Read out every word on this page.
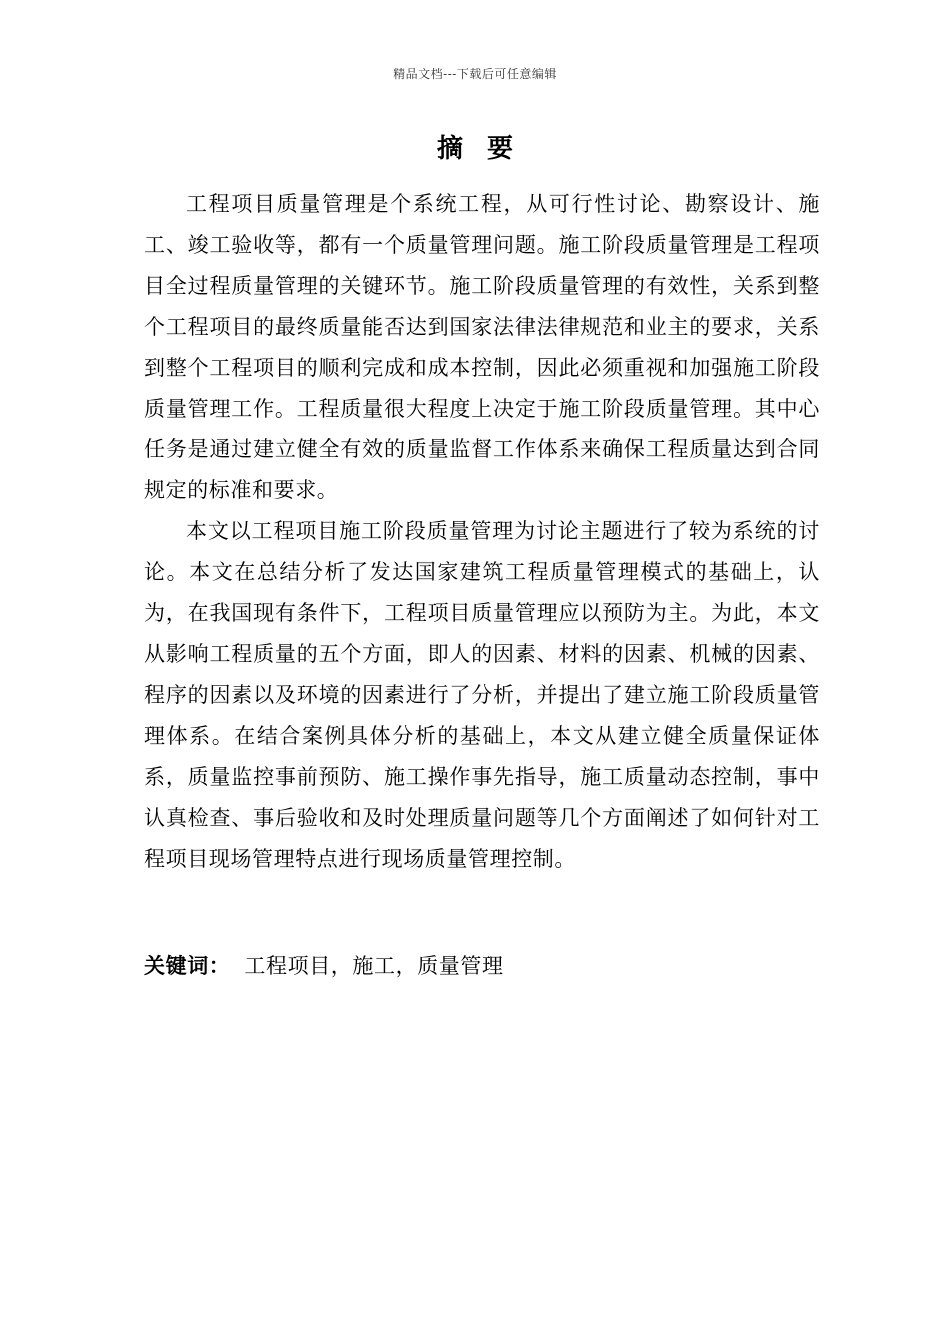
精品文档---下载后可任意编辑
摘要

工程项目质量管理是个系统工程，从可行性讨论、勘察设计、施工、竣工验收等，都有一个质量管理问题。施工阶段质量管理是工程项目全过程质量管理的关键环节。施工阶段质量管理的有效性，关系到整个工程项目的最终质量能否达到国家法律法律规范和业主的要求，关系到整个工程项目的顺利完成和成本控制，因此必须重视和加强施工阶段质量管理工作。工程质量很大程度上决定于施工阶段质量管理。其中心任务是通过建立健全有效的质量监督工作体系来确保工程质量达到合同规定的标准和要求。

本文以工程项目施工阶段质量管理为讨论主题进行了较为系统的讨论。本文在总结分析了发达国家建筑工程质量管理模式的基础上，认为，在我国现有条件下，工程项目质量管理应以预防为主。为此，本文从影响工程质量的五个方面，即人的因素、材料的因素、机械的因素、程序的因素以及环境的因素进行了分析，并提出了建立施工阶段质量管理体系。在结合案例具体分析的基础上，本文从建立健全质量保证体系，质量监控事前预防、施工操作事先指导，施工质量动态控制，事中认真检查、事后验收和及时处理质量问题等几个方面阐述了如何针对工程项目现场管理特点进行现场质量管理控制。

关键词： 工程项目，施工，质量管理
